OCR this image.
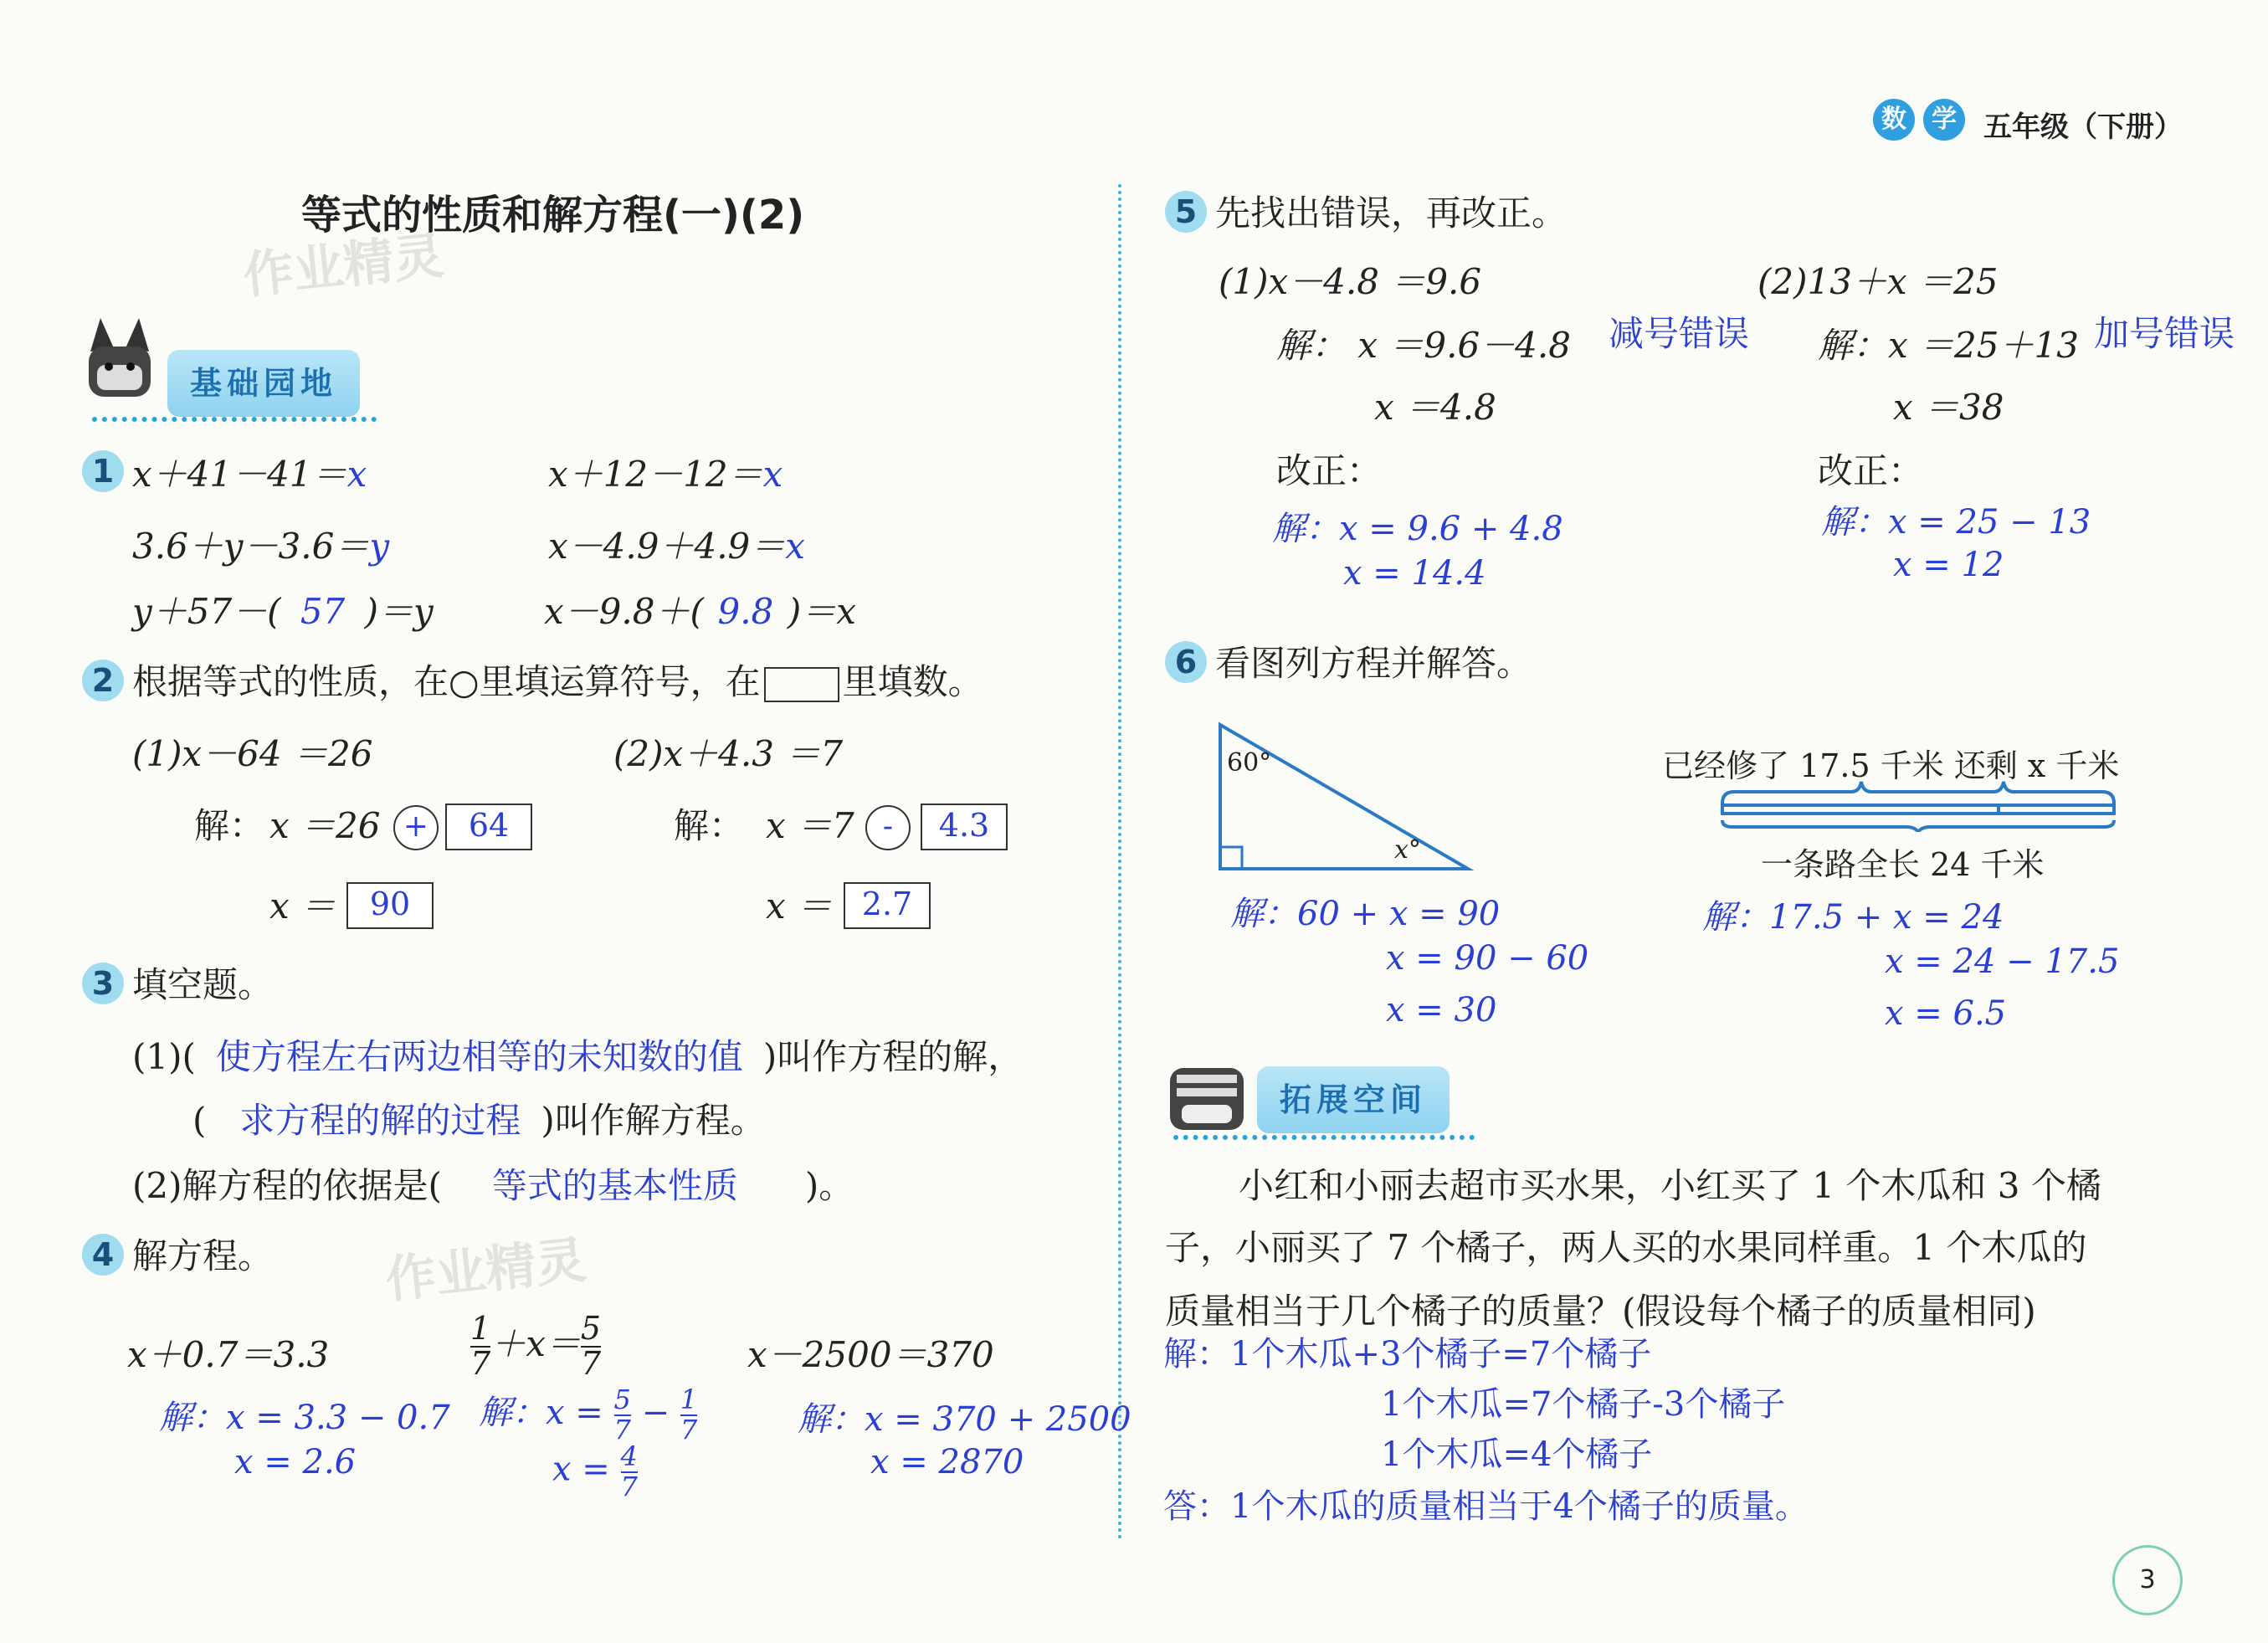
数	学 五年级（下册）
等式的性质和解方程(一)(2)
作业精灵
作业精灵
基础园地
1 x＋41－41＝x	x＋12－12＝x
3.6＋y－3.6＝y	x－4.9＋4.9＝x
y＋57－( 57 )＝y	x－9.8＋( 9.8 )＝x
2 根据等式的性质，在○里填运算符号，在 里填数。
(1)x－64 ＝26
解： x ＝26 +	64
x ＝	90
(2)x＋4.3 ＝7
解： x ＝7 -	4.3
x ＝ 2.7
3 填空题。
(1)( 使方程左右两边相等的未知数的值 )叫作方程的解，
( 求方程的解的过程 )叫作解方程。
(2)解方程的依据是( 等式的基本性质 )。
4 解方程。
x＋0.7＝3.3
解：x = 3.3 − 0.7
x = 2.6
$\frac{1}{7} +x= \frac{5}{7}$
解：$x = \frac{5}{7} - \frac{1}{7}$
$x = \frac{4}{7}$
x－2500＝370
解：x = 370 + 2500
x = 2870
5 先找出错误，再改正。
(1)x－4.8 ＝9.6
解： x ＝9.6－4.8 减号错误
x ＝4.8
改正：
解：x = 9.6 + 4.8
x = 14.4
(2)13＋x ＝25
解：x ＝25＋13 加号错误
x ＝38
改正：
解：x = 25 − 13
x = 12
6 看图列方程并解答。
60°
x°
解：60 + x = 90
x = 90 − 60
x = 30
已经修了 17.5 千米 还剩 x 千米
一条路全长 24 千米
解：17.5 + x = 24
x = 24 − 17.5
x = 6.5
拓展空间
小红和小丽去超市买水果，小红买了 1 个木瓜和 3 个橘
子，小丽买了 7 个橘子，两人买的水果同样重。1 个木瓜的
质量相当于几个橘子的质量？(假设每个橘子的质量相同)
解：1个木瓜+3个橘子=7个橘子
1个木瓜=7个橘子-3个橘子
1个木瓜=4个橘子
答：1个木瓜的质量相当于4个橘子的质量。
3
